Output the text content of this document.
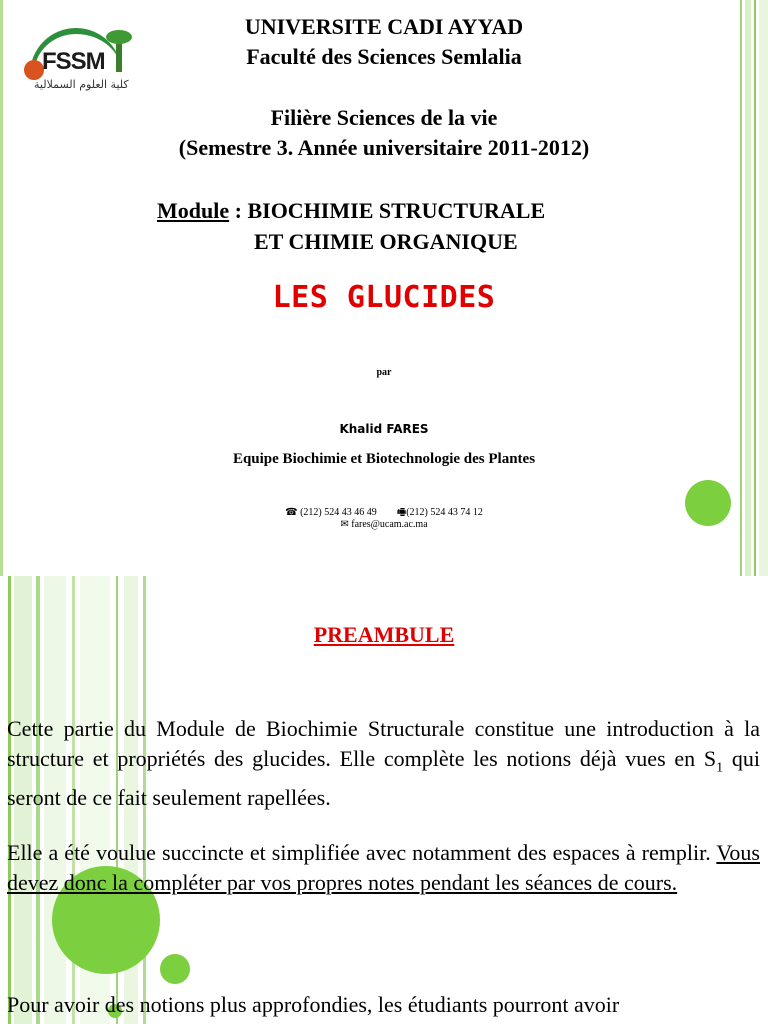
FSSM
كلية العلوم السملالية
UNIVERSITE CADI AYYAD
Faculté des Sciences Semlalia
Filière Sciences de la vie
(Semestre 3. Année universitaire 2011-2012)
Module : BIOCHIMIE STRUCTURALE
ET CHIMIE ORGANIQUE
LES GLUCIDES
par
Khalid FARES
Equipe Biochimie et Biotechnologie des Plantes
☎ (212) 524 43 46 49 🖷(212) 524 43 74 12
✉ fares@ucam.ac.ma
PREAMBULE
Cette partie du Module de Biochimie Structurale constitue une introduction à la structure et propriétés des glucides. Elle complète les notions déjà vues en $S_1$ qui seront de ce fait seulement rapellées.
Elle a été voulue succincte et simplifiée avec notamment des espaces à remplir. Vous devez donc la compléter par vos propres notes pendant les séances de cours.
Pour avoir des notions plus approfondies, les étudiants pourront avoir
